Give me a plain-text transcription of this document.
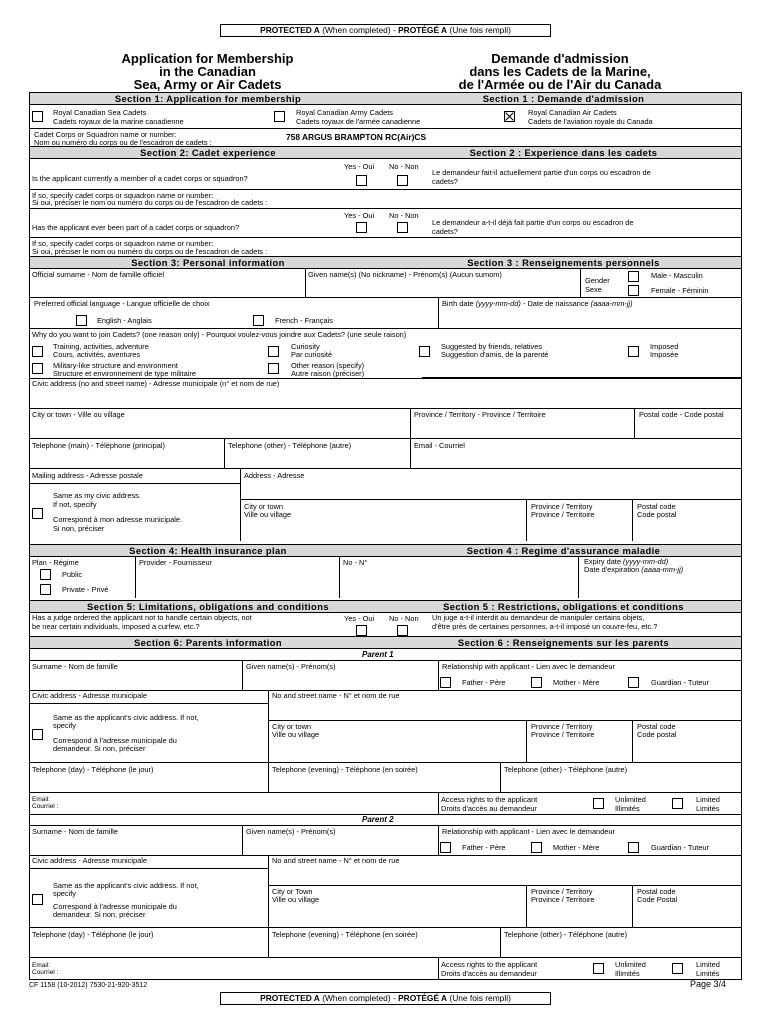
PROTECTED A (When completed) - PROTÉGÉ A (Une fois rempli)
Application for Membership
in the Canadian
Sea, Army or Air Cadets
Demande d'admission
dans les Cadets de la Marine,
de l'Armée ou de l'Air du Canada
Section 1: Application for membership	Section 1 : Demande d'admission
Royal Canadian Sea Cadets
Cadets royaux de la marine canadienne
Royal Canadian Army Cadets
Cadets royaux de l'armée canadienne
Royal Canadian Air Cadets
Cadets de l'aviation royale du Canada
Cadet Corps or Squadron name or number:
Nom ou numéro du corps ou de l'escadron de cadets :
758 ARGUS BRAMPTON RC(Air)CS
Section 2: Cadet experience	Section 2 : Experience dans les cadets
Yes - Oui No - Non
Is the applicant currently a member of a cadet corps or squadron?
Le demandeur fait-il actuellement partie d'un corps ou escadron de
cadets?
If so, specify cadet corps or squadron name or number:
Si oui, préciser le nom ou numéro du corps ou de l'escadron de cadets :
Yes - Oui No - Non
Has the applicant ever been part of a cadet corps or squadron?
Le demandeur a-t-il déjà fait partie d'un corps ou escadron de
cadets?
If so, specify cadet corps or squadron name or number:
Si oui, préciser le nom ou numéro du corps ou de l'escadron de cadets :
Section 3: Personal information	Section 3 : Renseignements personnels
Official surname - Nom de famille officiel	Given name(s) (No nickname) - Prénom(s) (Aucun sumom)
Gender
Sexe
Male - Masculin
Female - Féminin
Preferred official language - Langue officielle de choix	Birth date (yyyy-mm-dd) - Date de naissance (aaaa-mm-jj)
English - Anglais	French - Français
Why do you want to join Cadets? (one reason only) - Pourquoi voulez-vous joindre aux Cadets? (une seule raison)
Training, activities, adventure
Cours, activités, aventures
Curiosity
Par curiosité
Suggested by friends, relatives
Suggestion d'amis, de la parenté
Imposed
Imposée
Military-like structure and environment
Structure et environnement de type militaire
Other reason (specify)
Autre raison (préciser)
Civic address (no and street name) - Adresse municipale (n° et nom de rue)
City or town - Ville ou village	Province / Territory - Province / Territoire	Postal code - Code postal
Telephone (main) - Téléphone (principal)	Telephone (other) - Téléphone (autre)	Email - Courriel
Mailing address - Adresse postale	Address - Adresse
Same as my civic address.
If not, specify
Correspond à mon adresse municipale.
Si non, préciser
City or town
Ville ou village
Province / Territory
Province / Territoire
Postal code
Code postal
Section 4: Health insurance plan	Section 4 : Regime d'assurance maladie
Plan - Régime	Provider - Fournisseur	No - N°	Expiry date (yyyy-mm-dd)
Date d'expiration (aaaa-mm-jj)
Public
Private - Privé
Section 5: Limitations, obligations and conditions	Section 5 : Restrictions, obligations et conditions
Has a judge ordered the applicant not to handle certain objects, not
be near certain individuals, imposed a curfew, etc.?
Yes - Oui No - Non Un juge a-t-il interdit au demandeur de manipuler certains objets,
d'être près de certaines personnes, a-t-il imposé un couvre-feu, etc.?
Section 6: Parents information	Section 6 : Renseignements sur les parents
Parent 1
Surname - Nom de famille	Given name(s) - Prénom(s)	Relationship with applicant - Lien avec le demandeur
Father - Père	Mother - Mère	Guardian - Tuteur
Civic address - Adresse municipale	No and street name - N° et nom de rue
Same as the applicant's civic address. If not,
specify
Correspond à l'adresse municipale du
demandeur. Si non, préciser
City or town
Ville ou village
Province / Territory
Province / Territoire
Postal code
Code postal
Telephone (day) - Téléphone (le jour)	Telephone (evening) - Téléphone (en soirée)	Telephone (other) - Téléphone (autre)
Email:
Courriel :
Access rights to the applicant
Droits d'accès au demandeur
Unlimited
Illimités
Limited
Limités
Parent 2
Surname - Nom de famille	Given name(s) - Prénom(s)	Relationship with applicant - Lien avec le demandeur
Father - Père	Mother - Mère	Guardian - Tuteur
Civic address - Adresse municipale	No and street name - N° et nom de rue
Same as the applicant's civic address. If not,
specify
Correspond à l'adresse municipale du
demandeur. Si non, préciser
City or Town
Ville ou village
Province / Territory
Province / Territoire
Postal code
Code Postal
Telephone (day) - Téléphone (le jour)	Telephone (evening) - Téléphone (en soirée)	Telephone (other) - Téléphone (autre)
Email:
Courriel :
Access rights to the applicant
Droits d'accès au demandeur
Unlimited
Illimités
Limited
Limités
CF 1158 (10-2012) 7530-21-920-3512	Page 3/4
PROTECTED A (When completed) - PROTÉGÉ A (Une fois rempli)
